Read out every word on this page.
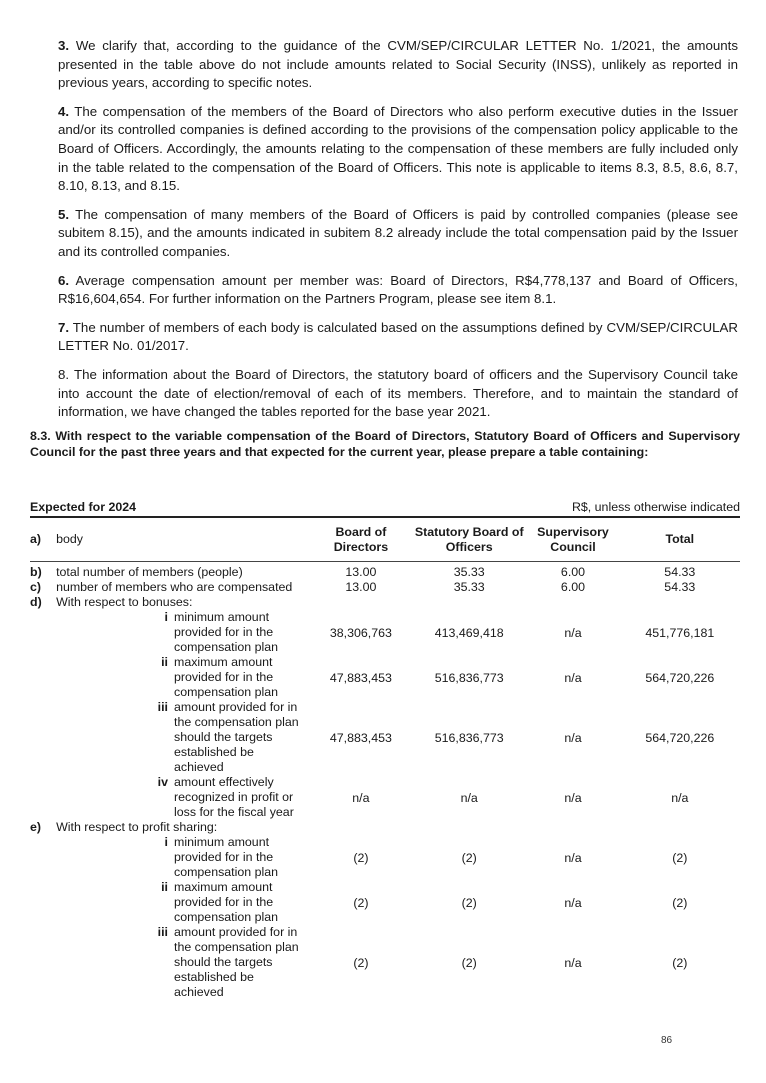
3. We clarify that, according to the guidance of the CVM/SEP/CIRCULAR LETTER No. 1/2021, the amounts presented in the table above do not include amounts related to Social Security (INSS), unlikely as reported in previous years, according to specific notes.

4. The compensation of the members of the Board of Directors who also perform executive duties in the Issuer and/or its controlled companies is defined according to the provisions of the compensation policy applicable to the Board of Officers. Accordingly, the amounts relating to the compensation of these members are fully included only in the table related to the compensation of the Board of Officers. This note is applicable to items 8.3, 8.5, 8.6, 8.7, 8.10, 8.13, and 8.15.

5. The compensation of many members of the Board of Officers is paid by controlled companies (please see subitem 8.15), and the amounts indicated in subitem 8.2 already include the total compensation paid by the Issuer and its controlled companies.

6. Average compensation amount per member was: Board of Directors, R$4,778,137 and Board of Officers, R$16,604,654. For further information on the Partners Program, please see item 8.1.

7. The number of members of each body is calculated based on the assumptions defined by CVM/SEP/CIRCULAR LETTER No. 01/2017.

8. The information about the Board of Directors, the statutory board of officers and the Supervisory Council take into account the date of election/removal of each of its members. Therefore, and to maintain the standard of information, we have changed the tables reported for the base year 2021.

8.3. With respect to the variable compensation of the Board of Directors, Statutory Board of Officers and Supervisory Council for the past three years and that expected for the current year, please prepare a table containing:
Expected for 2024	R$, unless otherwise indicated
a)	body	Board of Directors	Statutory Board of Officers	Supervisory Council	Total
b)	total number of members (people)	13.00	35.33	6.00	54.33
c)	number of members who are compensated	13.00	35.33	6.00	54.33
d)	With respect to bonuses:				

i minimum amount provided for in the compensation plan		38,306,763	413,469,418	n/a	451,776,181

ii maximum amount provided for in the compensation plan		47,883,453	516,836,773	n/a	564,720,226

iii amount provided for in the compensation plan should the targets established be achieved		47,883,453	516,836,773	n/a	564,720,226

iv amount effectively recognized in profit or loss for the fiscal year		n/a	n/a	n/a	n/a
e)	With respect to profit sharing:				

i minimum amount provided for in the compensation plan		(2)	(2)	n/a	(2)

ii maximum amount provided for in the compensation plan		(2)	(2)	n/a	(2)

iii amount provided for in the compensation plan should the targets established be achieved		(2)	(2)	n/a	(2)
86
